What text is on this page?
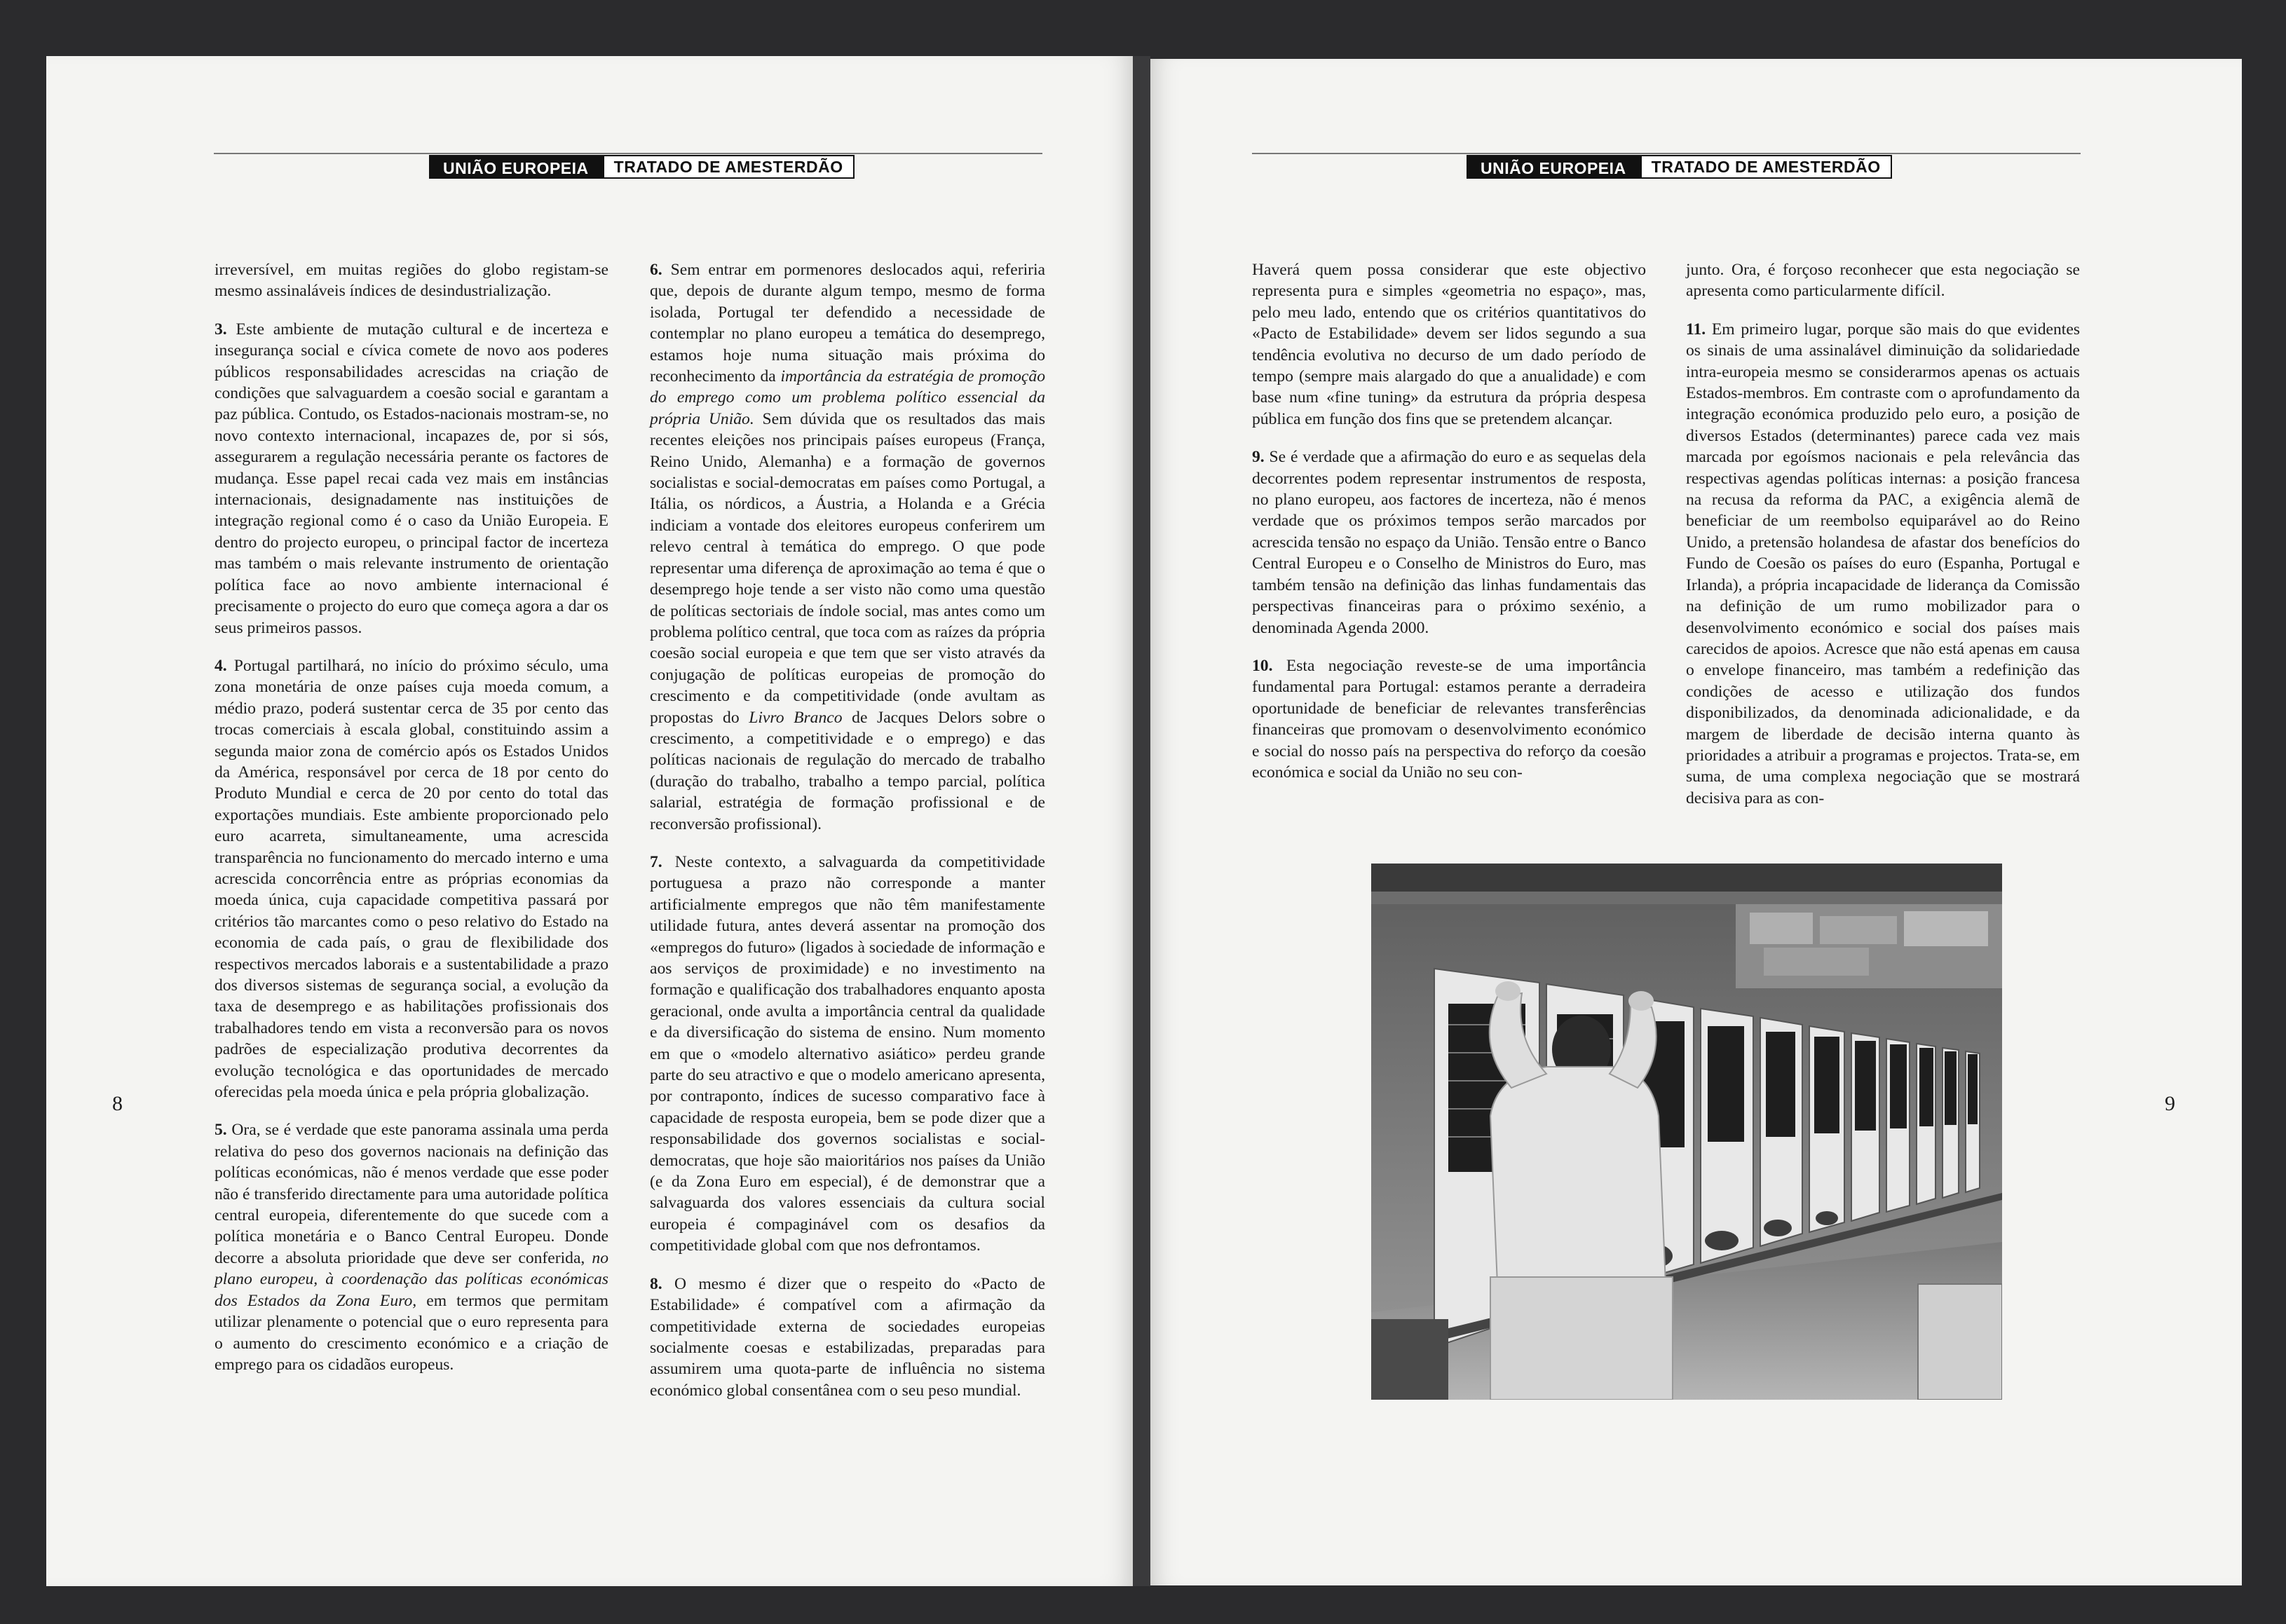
UNIÃO EUROPEIA	TRATADO DE AMESTERDÃO	UNIÃO EUROPEIA	TRATADO DE AMESTERDÃO

irreversível, em muitas regiões do globo registam-se mesmo assinaláveis índices de desindustrialização.

3. Este ambiente de mutação cultural e de incerteza e insegurança social e cívica comete de novo aos poderes públicos responsabilidades acrescidas na criação de condições que salvaguardem a coesão social e garantam a paz pública. Contudo, os Estados-nacionais mostram-se, no novo contexto internacional, incapazes de, por si sós, assegurarem a regulação necessária perante os factores de mudança. Esse papel recai cada vez mais em instâncias internacionais, designadamente nas instituições de integração regional como é o caso da União Europeia. E dentro do projecto europeu, o principal factor de incerteza mas também o mais relevante instrumento de orientação política face ao novo ambiente internacional é precisamente o projecto do euro que começa agora a dar os seus primeiros passos.

4. Portugal partilhará, no início do próximo século, uma zona monetária de onze países cuja moeda comum, a médio prazo, poderá sustentar cerca de 35 por cento das trocas comerciais à escala global, constituindo assim a segunda maior zona de comércio após os Estados Unidos da América, responsável por cerca de 18 por cento do Produto Mundial e cerca de 20 por cento do total das exportações mundiais. Este ambiente proporcionado pelo euro acarreta, simultaneamente, uma acrescida transparência no funcionamento do mercado interno e uma acrescida concorrência entre as próprias economias da moeda única, cuja capacidade competitiva passará por critérios tão marcantes como o peso relativo do Estado na economia de cada país, o grau de flexibilidade dos respectivos mercados laborais e a sustentabilidade a prazo dos diversos sistemas de segurança social, a evolução da taxa de desemprego e as habilitações profissionais dos trabalhadores tendo em vista a reconversão para os novos padrões de especialização produtiva decorrentes da evolução tecnológica e das oportunidades de mercado oferecidas pela moeda única e pela própria globalização.

5. Ora, se é verdade que este panorama assinala uma perda relativa do peso dos governos nacionais na definição das políticas económicas, não é menos verdade que esse poder não é transferido directamente para uma autoridade política central europeia, diferentemente do que sucede com a política monetária e o Banco Central Europeu. Donde decorre a absoluta prioridade que deve ser conferida, no plano europeu, à coordenação das políticas económicas dos Estados da Zona Euro, em termos que permitam utilizar plenamente o potencial que o euro representa para o aumento do crescimento económico e a criação de emprego para os cidadãos europeus.

6. Sem entrar em pormenores deslocados aqui, referiria que, depois de durante algum tempo, mesmo de forma isolada, Portugal ter defendido a necessidade de contemplar no plano europeu a temática do desemprego, estamos hoje numa situação mais próxima do reconhecimento da importância da estratégia de promoção do emprego como um problema político essencial da própria União. Sem dúvida que os resultados das mais recentes eleições nos principais países europeus (França, Reino Unido, Alemanha) e a formação de governos socialistas e social-democratas em países como Portugal, a Itália, os nórdicos, a Áustria, a Holanda e a Grécia indiciam a vontade dos eleitores europeus conferirem um relevo central à temática do emprego. O que pode representar uma diferença de aproximação ao tema é que o desemprego hoje tende a ser visto não como uma questão de políticas sectoriais de índole social, mas antes como um problema político central, que toca com as raízes da própria coesão social europeia e que tem que ser visto através da conjugação de políticas europeias de promoção do crescimento e da competitividade (onde avultam as propostas do Livro Branco de Jacques Delors sobre o crescimento, a competitividade e o emprego) e das políticas nacionais de regulação do mercado de trabalho (duração do trabalho, trabalho a tempo parcial, política salarial, estratégia de formação profissional e de reconversão profissional).

7. Neste contexto, a salvaguarda da competitividade portuguesa a prazo não corresponde a manter artificialmente empregos que não têm manifestamente utilidade futura, antes deverá assentar na promoção dos «empregos do futuro» (ligados à sociedade de informação e aos serviços de proximidade) e no investimento na formação e qualificação dos trabalhadores enquanto aposta geracional, onde avulta a importância central da qualidade e da diversificação do sistema de ensino. Num momento em que o «modelo alternativo asiático» perdeu grande parte do seu atractivo e que o modelo americano apresenta, por contraponto, índices de sucesso comparativo face à capacidade de resposta europeia, bem se pode dizer que a responsabilidade dos governos socialistas e social-democratas, que hoje são maioritários nos países da União (e da Zona Euro em especial), é de demonstrar que a salvaguarda dos valores essenciais da cultura social europeia é compaginável com os desafios da competitividade global com que nos defrontamos.

8. O mesmo é dizer que o respeito do «Pacto de Estabilidade» é compatível com a afirmação da competitividade externa de sociedades europeias socialmente coesas e estabilizadas, preparadas para assumirem uma quota-parte de influência no sistema económico global consentânea com o seu peso mundial.

Haverá quem possa considerar que este objectivo representa pura e simples «geometria no espaço», mas, pelo meu lado, entendo que os critérios quantitativos do «Pacto de Estabilidade» devem ser lidos segundo a sua tendência evolutiva no decurso de um dado período de tempo (sempre mais alargado do que a anualidade) e com base num «fine tuning» da estrutura da própria despesa pública em função dos fins que se pretendem alcançar.

9. Se é verdade que a afirmação do euro e as sequelas dela decorrentes podem representar instrumentos de resposta, no plano europeu, aos factores de incerteza, não é menos verdade que os próximos tempos serão marcados por acrescida tensão no espaço da União. Tensão entre o Banco Central Europeu e o Conselho de Ministros do Euro, mas também tensão na definição das linhas fundamentais das perspectivas financeiras para o próximo sexénio, a denominada Agenda 2000.

10. Esta negociação reveste-se de uma importância fundamental para Portugal: estamos perante a derradeira oportunidade de beneficiar de relevantes transferências financeiras que promovam o desenvolvimento económico e social do nosso país na perspectiva do reforço da coesão económica e social da União no seu con-

junto. Ora, é forçoso reconhecer que esta negociação se apresenta como particularmente difícil.

11. Em primeiro lugar, porque são mais do que evidentes os sinais de uma assinalável diminuição da solidariedade intra-europeia mesmo se considerarmos apenas os actuais Estados-membros. Em contraste com o aprofundamento da integração económica produzido pelo euro, a posição de diversos Estados (determinantes) parece cada vez mais marcada por egoísmos nacionais e pela relevância das respectivas agendas políticas internas: a posição francesa na recusa da reforma da PAC, a exigência alemã de beneficiar de um reembolso equiparável ao do Reino Unido, a pretensão holandesa de afastar dos benefícios do Fundo de Coesão os países do euro (Espanha, Portugal e Irlanda), a própria incapacidade de liderança da Comissão na definição de um rumo mobilizador para o desenvolvimento económico e social dos países mais carecidos de apoios. Acresce que não está apenas em causa o envelope financeiro, mas também a redefinição das condições de acesso e utilização dos fundos disponibilizados, da denominada adicionalidade, e da margem de liberdade de decisão interna quanto às prioridades a atribuir a programas e projectos. Trata-se, em suma, de uma complexa negociação que se mostrará decisiva para as con-

8	9
